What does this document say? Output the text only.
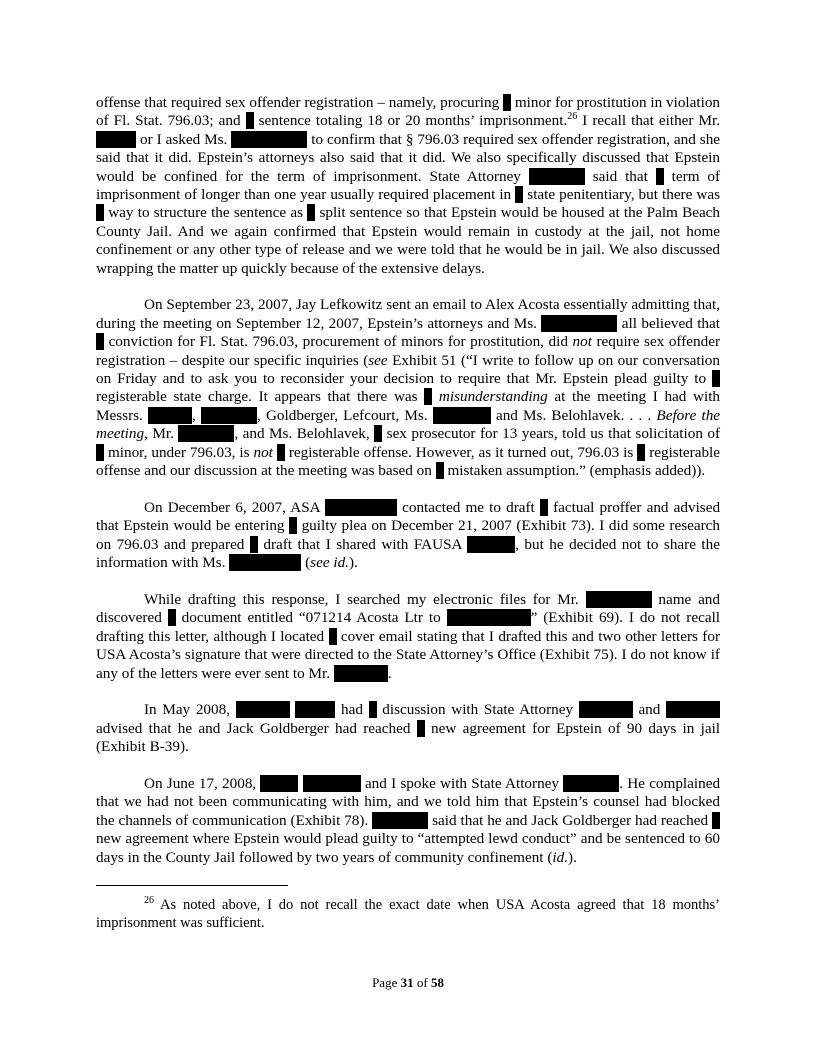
offense that required sex offender registration – namely, procuring minor for prostitution in violation of Fl. Stat. 796.03; and sentence totaling 18 or 20 months’ imprisonment.$^{26}$ I recall that either Mr.  or I asked Ms.	to confirm that § 796.03 required sex offender registration, and she said that it did. Epstein’s attorneys also said that it did. We also specifically discussed that Epstein would be confined for the term of imprisonment. State Attorney	said that term of imprisonment of longer than one year usually required placement in state penitentiary, but there was  way to structure the sentence as split sentence so that Epstein would be housed at the Palm Beach County Jail. And we again confirmed that Epstein would remain in custody at the jail, not home confinement or any other type of release and we were told that he would be in jail. We also discussed wrapping the matter up quickly because of the extensive delays.

On September 23, 2007, Jay Lefkowitz sent an email to Alex Acosta essentially admitting that, during the meeting on September 12, 2007, Epstein’s attorneys and Ms.	all believed that  conviction for Fl. Stat. 796.03, procurement of minors for prostitution, did not require sex offender registration – despite our specific inquiries (see Exhibit 51 (“I write to follow up on our conversation on Friday and to ask you to reconsider your decision to require that Mr. Epstein plead guilty to  registerable state charge. It appears that there was misunderstanding at the meeting I had with Messrs.	,	, Goldberger, Lefcourt, Ms.	and Ms. Belohlavek. . . . Before the meeting, Mr.	, and Ms. Belohlavek, sex prosecutor for 13 years, told us that solicitation of  minor, under 796.03, is not registerable offense. However, as it turned out, 796.03 is registerable offense and our discussion at the meeting was based on mistaken assumption.” (emphasis added)).

On December 6, 2007, ASA	contacted me to draft factual proffer and advised that Epstein would be entering guilty plea on December 21, 2007 (Exhibit 73). I did some research on 796.03 and prepared draft that I shared with FAUSA	, but he decided not to share the information with Ms.	(see id.).

While drafting this response, I searched my electronic files for Mr.	name and discovered document entitled “071214 Acosta Ltr to	” (Exhibit 69). I do not recall drafting this letter, although I located cover email stating that I drafted this and two other letters for USA Acosta’s signature that were directed to the State Attorney’s Office (Exhibit 75). I do not know if any of the letters were ever sent to Mr.	.

In May 2008,	had discussion with State Attorney	and  advised that he and Jack Goldberger had reached new agreement for Epstein of 90 days in jail (Exhibit B-39).

On June 17, 2008,	and I spoke with State Attorney	. He complained that we had not been communicating with him, and we told him that Epstein’s counsel had blocked the channels of communication (Exhibit 78).	said that he and Jack Goldberger had reached  new agreement where Epstein would plead guilty to “attempted lewd conduct” and be sentenced to 60 days in the County Jail followed by two years of community confinement (id.).

$^{26}$ As noted above, I do not recall the exact date when USA Acosta agreed that 18 months’ imprisonment was sufficient.

Page 31 of 58
